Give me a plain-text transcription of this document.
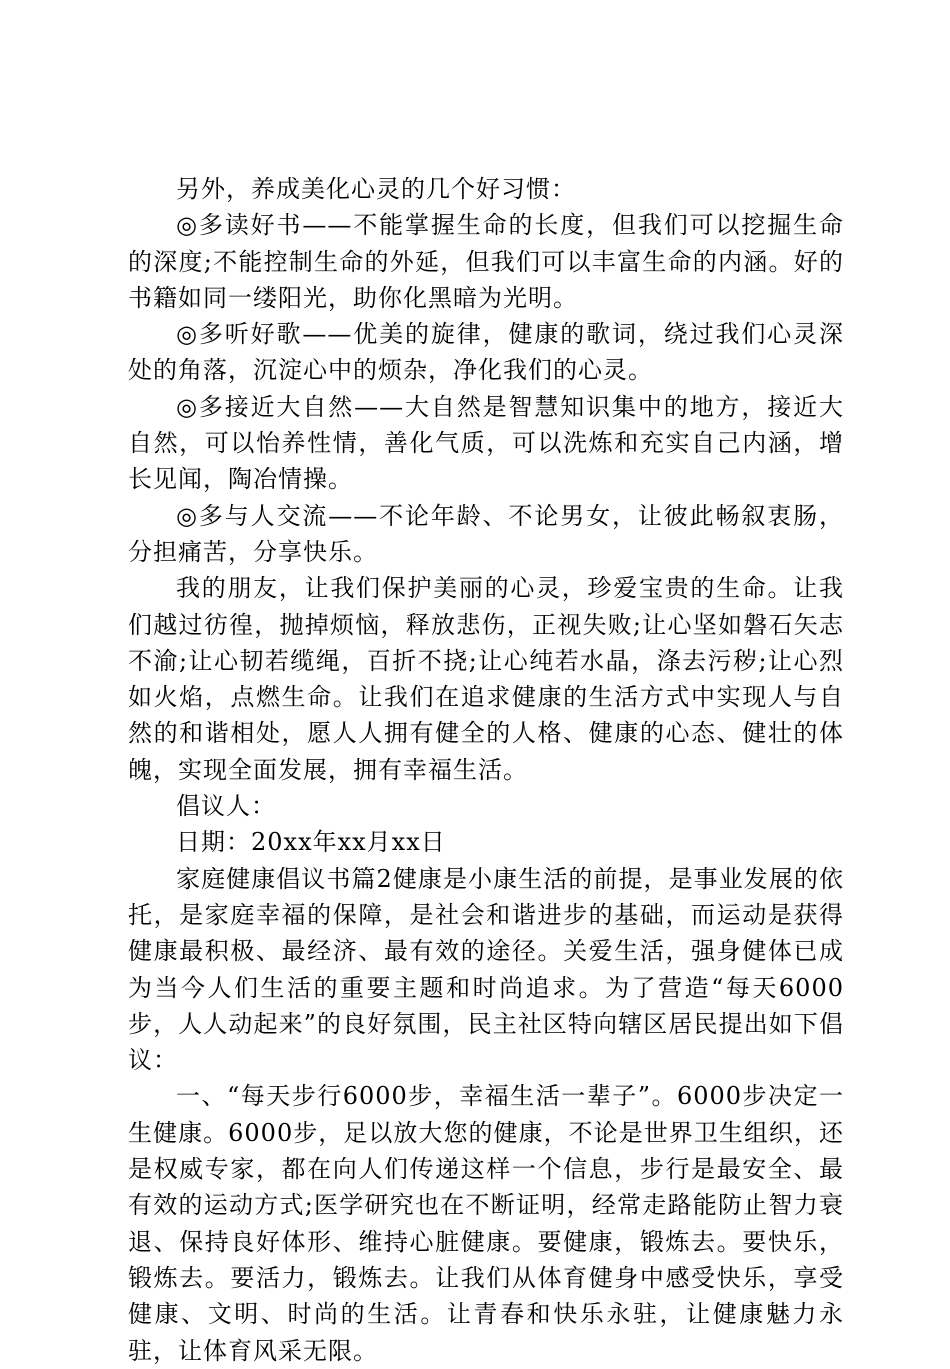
另外，养成美化心灵的几个好习惯：

◎多读好书——不能掌握生命的长度，但我们可以挖掘生命的深度;不能控制生命的外延，但我们可以丰富生命的内涵。好的书籍如同一缕阳光，助你化黑暗为光明。

◎多听好歌——优美的旋律，健康的歌词，绕过我们心灵深处的角落，沉淀心中的烦杂，净化我们的心灵。

◎多接近大自然——大自然是智慧知识集中的地方，接近大自然，可以怡养性情，善化气质，可以洗炼和充实自己内涵，增长见闻，陶冶情操。

◎多与人交流——不论年龄、不论男女，让彼此畅叙衷肠，分担痛苦，分享快乐。

我的朋友，让我们保护美丽的心灵，珍爱宝贵的生命。让我们越过彷徨，抛掉烦恼，释放悲伤，正视失败;让心坚如磐石矢志不渝;让心韧若缆绳，百折不挠;让心纯若水晶，涤去污秽;让心烈如火焰，点燃生命。让我们在追求健康的生活方式中实现人与自然的和谐相处，愿人人拥有健全的人格、健康的心态、健壮的体魄，实现全面发展，拥有幸福生活。

倡议人：

日期：20xx年xx月xx日

家庭健康倡议书篇2健康是小康生活的前提，是事业发展的依托，是家庭幸福的保障，是社会和谐进步的基础，而运动是获得健康最积极、最经济、最有效的途径。关爱生活，强身健体已成为当今人们生活的重要主题和时尚追求。为了营造“每天6000步，人人动起来”的良好氛围，民主社区特向辖区居民提出如下倡议：

一、“每天步行6000步，幸福生活一辈子”。6000步决定一生健康。6000步，足以放大您的健康，不论是世界卫生组织，还是权威专家，都在向人们传递这样一个信息，步行是最安全、最有效的运动方式;医学研究也在不断证明，经常走路能防止智力衰退、保持良好体形、维持心脏健康。要健康，锻炼去。要快乐，锻炼去。要活力，锻炼去。让我们从体育健身中感受快乐，享受健康、文明、时尚的生活。让青春和快乐永驻，让健康魅力永驻，让体育风采无限。
